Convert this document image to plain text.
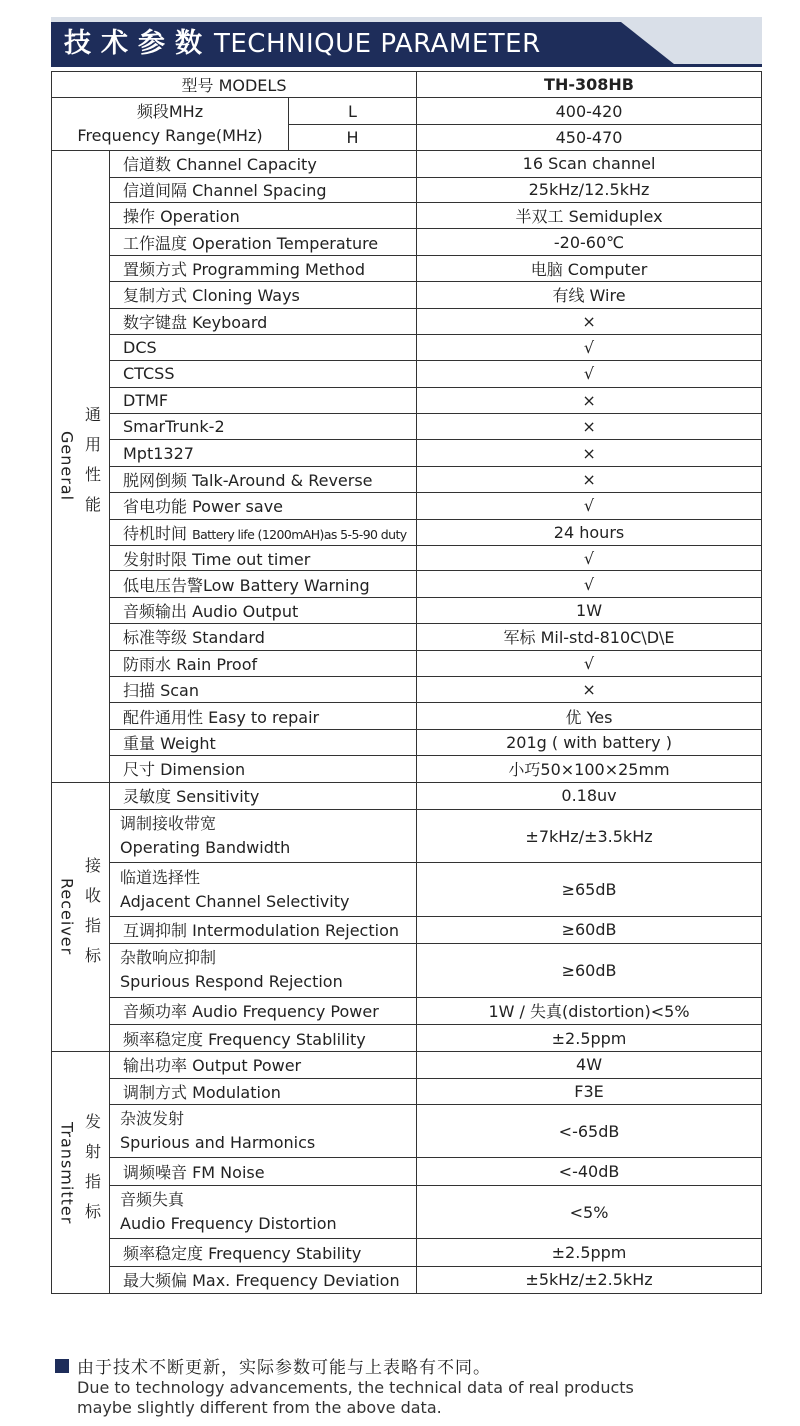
技术参数TECHNIQUE PARAMETER
型号 MODELS			TH-308HB

频段MHz
Frequency Range(MHz)		L	400-420
		H	450-470

General 通用性能	信道数 Channel Capacity		16 Scan channel
	信道间隔 Channel Spacing		25kHz/12.5kHz
	操作 Operation		半双工 Semiduplex
	工作温度 Operation Temperature		-20-60℃
	置频方式 Programming Method		电脑 Computer
	复制方式 Cloning Ways		有线 Wire
	数字键盘 Keyboard		×
	DCS		√
	CTCSS		√
	DTMF		×
	SmarTrunk-2		×
	Mpt1327		×
	脱网倒频 Talk-Around & Reverse		×
	省电功能 Power save		√
	待机时间 Battery life (1200mAH)as 5-5-90 duty		24 hours
	发射时限 Time out timer		√
	低电压告警Low Battery Warning		√
	音频输出 Audio Output		1W
	标准等级 Standard		军标 Mil-std-810C\D\E
	防雨水 Rain Proof		√
	扫描 Scan		×
	配件通用性 Easy to repair		优 Yes
	重量 Weight		201g ( with battery )
	尺寸 Dimension		小巧50×100×25mm

Receiver 接收指标	灵敏度 Sensitivity		0.18uv

	调制接收带宽
Operating Bandwidth		±7kHz/±3.5kHz

	临道选择性
Adjacent Channel Selectivity		≥65dB
	互调抑制 Intermodulation Rejection		≥60dB

	杂散响应抑制
Spurious Respond Rejection		≥60dB
	音频功率 Audio Frequency Power		1W / 失真(distortion)<5%
	频率稳定度 Frequency Stablility		±2.5ppm

Transmitter 发射指标	输出功率 Output Power		4W
	调制方式 Modulation		F3E

	杂波发射
Spurious and Harmonics		<-65dB
	调频噪音 FM Noise		<-40dB

	音频失真
Audio Frequency Distortion		<5%
	频率稳定度 Frequency Stability		±2.5ppm
	最大频偏 Max. Frequency Deviation		±5kHz/±2.5kHz
由于技术不断更新，实际参数可能与上表略有不同。
Due to technology advancements, the technical data of real products
maybe slightly different from the above data.
